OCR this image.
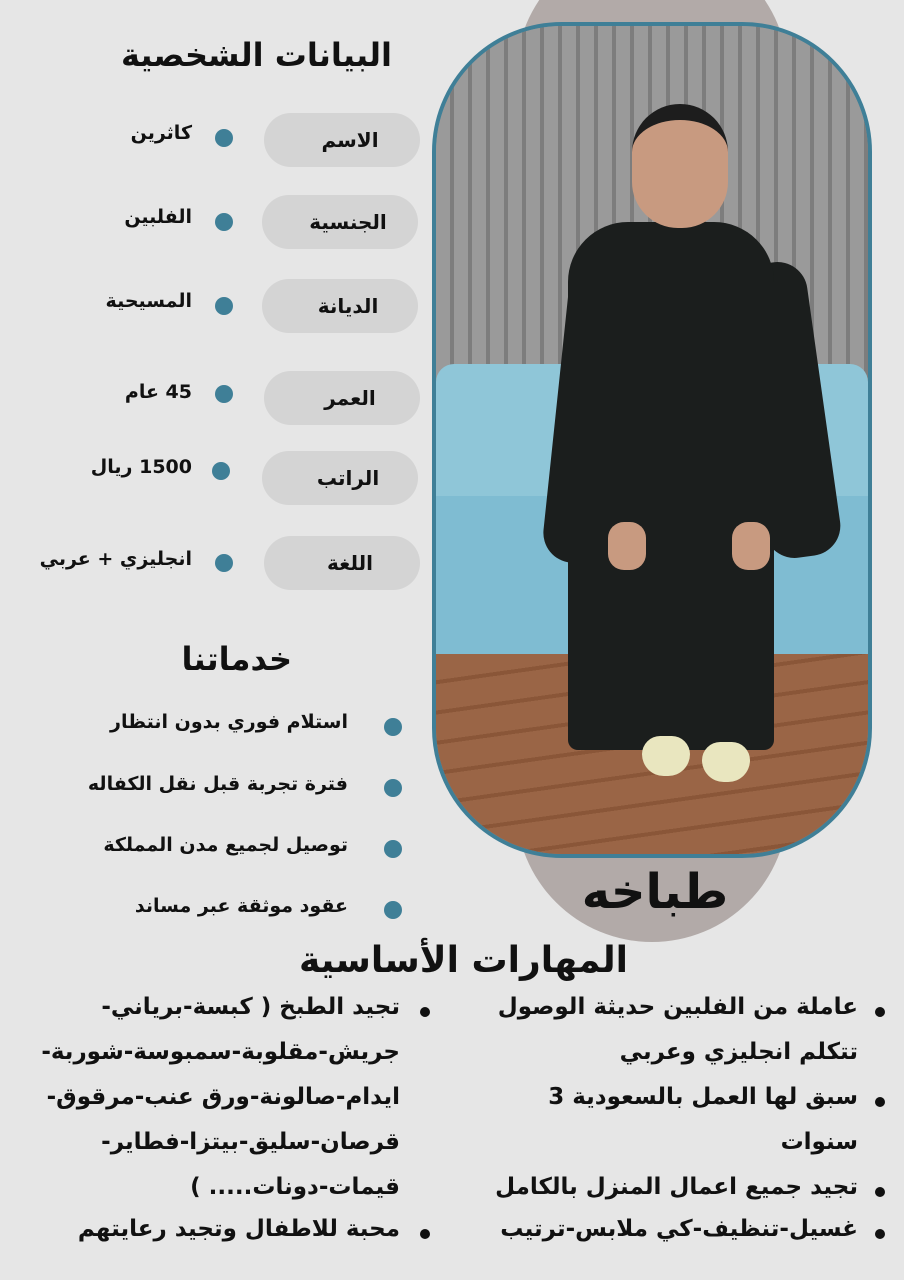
طباخه
البيانات الشخصية
الاسم
كاثرين
الجنسية
الفلبين
الديانة
المسيحية
العمر
45 عام
الراتب
1500 ريال
اللغة
انجليزي + عربي
خدماتنا
استلام فوري بدون انتظار
فترة تجربة قبل نقل الكفاله
توصيل لجميع مدن المملكة
عقود موثقة عبر مساند
المهارات الأساسية
عاملة من الفلبين حديثة الوصول
تتكلم انجليزي وعربي
سبق لها العمل بالسعودية 3
سنوات
تجيد جميع اعمال المنزل بالكامل
غسيل-تنظيف-كي ملابس-ترتيب
تجيد الطبخ ( كبسة-برياني-
جريش-مقلوبة-سمبوسة-شوربة-
ايدام-صالونة-ورق عنب-مرقوق-
قرصان-سليق-بيتزا-فطاير-
قيمات-دونات..... )
محبة للاطفال وتجيد رعايتهم
